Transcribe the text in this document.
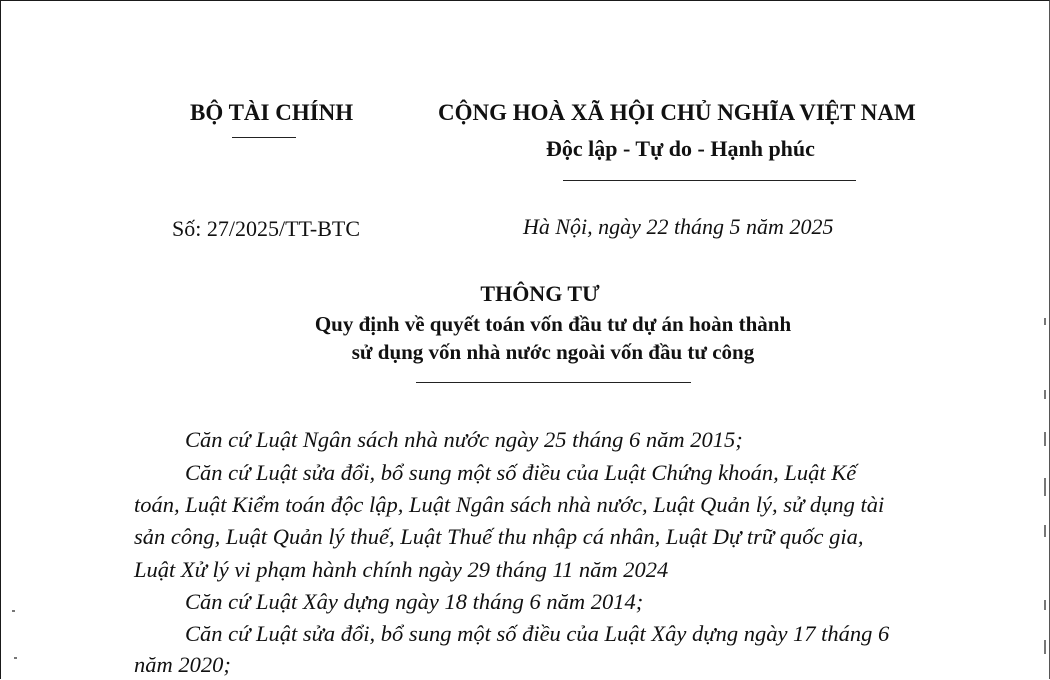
BỘ TÀI CHÍNH	CỘNG HOÀ XÃ HỘI CHỦ NGHĨA VIỆT NAM
Độc lập - Tự do - Hạnh phúc
Số: 27/2025/TT-BTC	Hà Nội, ngày 22 tháng 5 năm 2025
THÔNG TƯ
Quy định về quyết toán vốn đầu tư dự án hoàn thành
sử dụng vốn nhà nước ngoài vốn đầu tư công
Căn cứ Luật Ngân sách nhà nước ngày 25 tháng 6 năm 2015;
Căn cứ Luật sửa đổi, bổ sung một số điều của Luật Chứng khoán, Luật Kế
toán, Luật Kiểm toán độc lập, Luật Ngân sách nhà nước, Luật Quản lý, sử dụng tài
sản công, Luật Quản lý thuế, Luật Thuế thu nhập cá nhân, Luật Dự trữ quốc gia,
Luật Xử lý vi phạm hành chính ngày 29 tháng 11 năm 2024
Căn cứ Luật Xây dựng ngày 18 tháng 6 năm 2014;
Căn cứ Luật sửa đổi, bổ sung một số điều của Luật Xây dựng ngày 17 tháng 6
năm 2020;
